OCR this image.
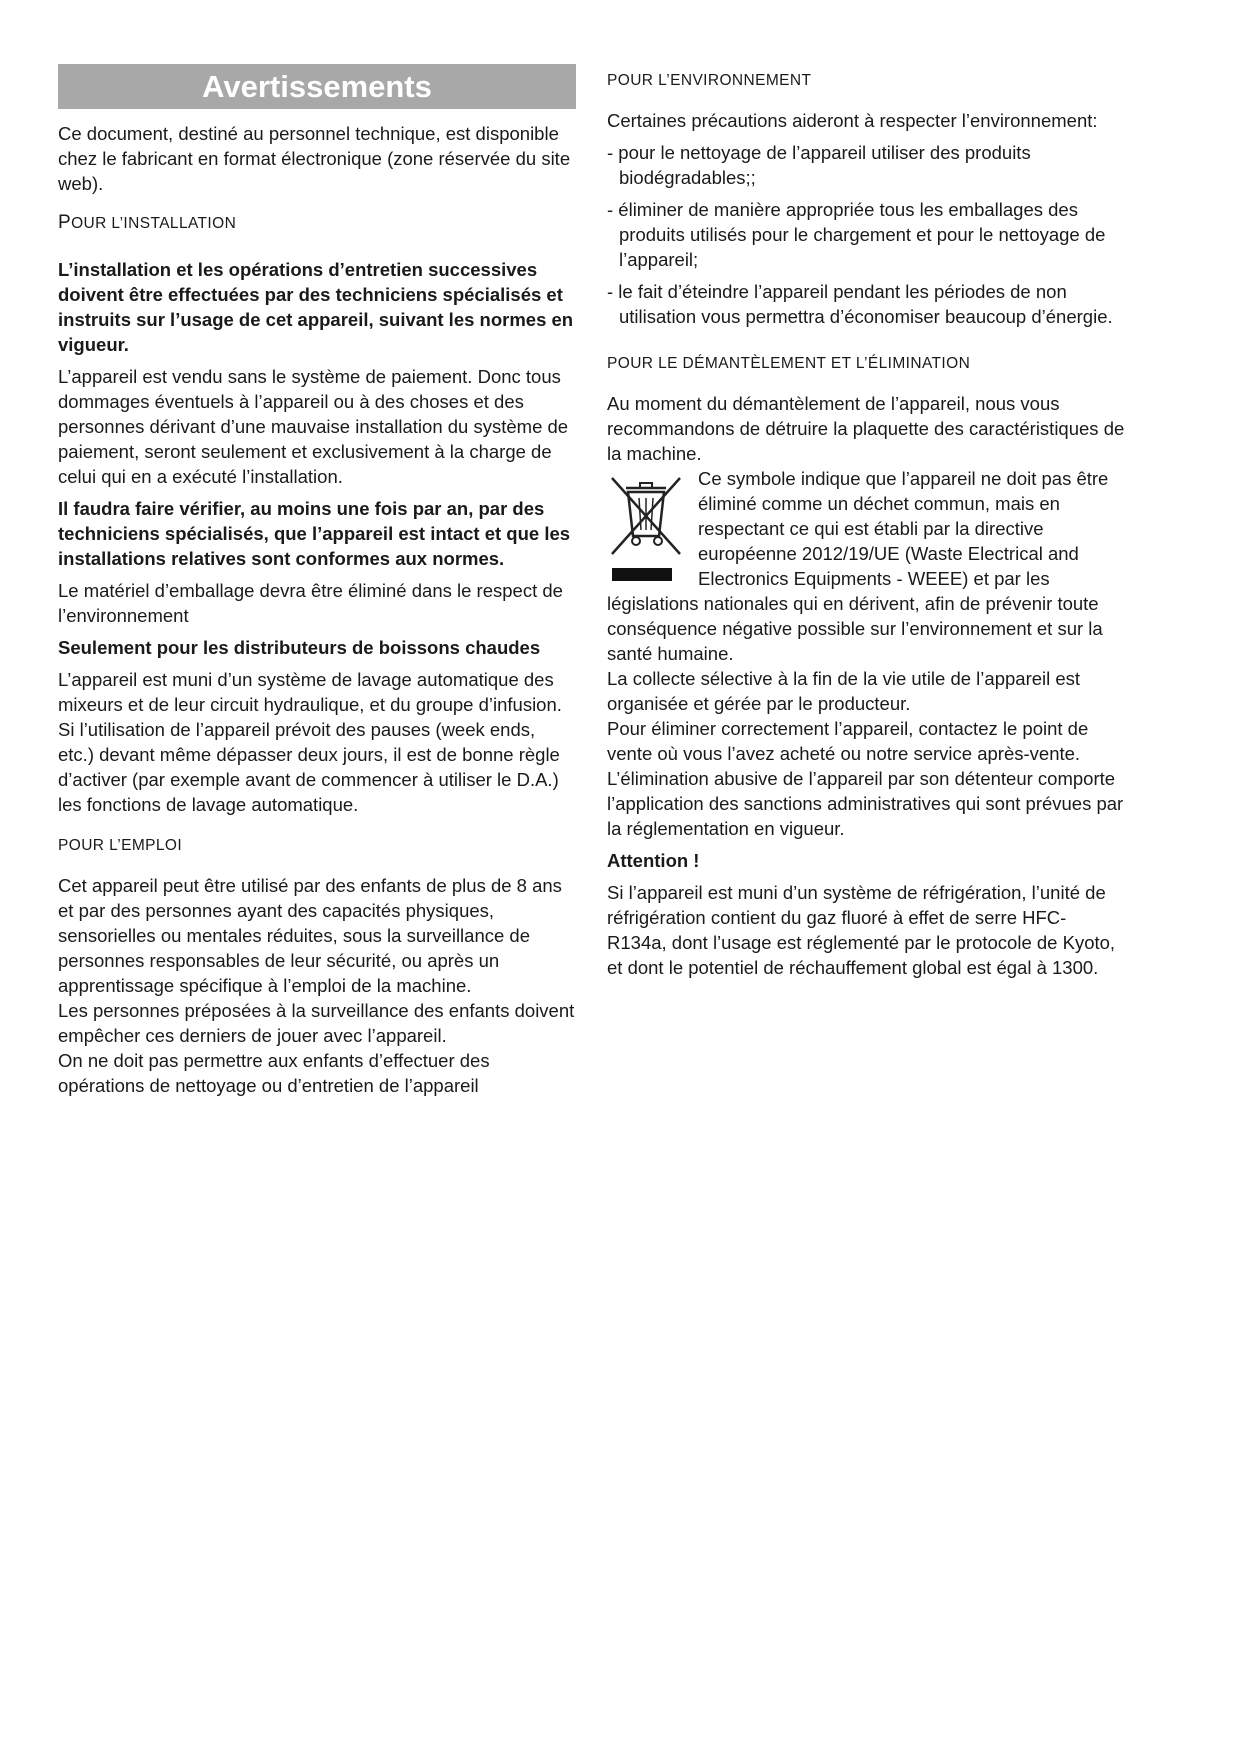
Avertissements

Ce document, destiné au personnel technique, est disponible chez le fabricant en format électronique (zone réservée du site web).

POUR L’INSTALLATION

L’installation et les opérations d’entretien successives doivent être effectuées par des techniciens spécialisés et instruits sur l’usage de cet appareil, suivant les normes en vigueur.

L’appareil est vendu sans le système de paiement. Donc tous dommages éventuels à l’appareil ou à des choses et des personnes dérivant d’une mauvaise installation du système de paiement, seront seulement et exclusivement à la charge de celui qui en a exécuté l’installation.

Il faudra faire vérifier, au moins une fois par an, par des techniciens spécialisés, que l’appareil est intact et que les installations relatives sont conformes aux normes.

Le matériel d’emballage devra être éliminé dans le respect de l’environnement

Seulement pour les distributeurs de boissons chaudes

L’appareil est muni d’un système de lavage automatique des mixeurs et de leur circuit hydraulique, et du groupe d’infusion.

Si l’utilisation de l’appareil prévoit des pauses (week ends, etc.) devant même dépasser deux jours, il est de bonne règle d’activer (par exemple avant de commencer à utiliser le D.A.) les fonctions de lavage automatique.

POUR L’EMPLOI

Cet appareil peut être utilisé par des enfants de plus de 8 ans et par des personnes ayant des capacités physiques, sensorielles ou mentales réduites, sous la surveillance de personnes responsables de leur sécurité, ou après un apprentissage spécifique à l’emploi de la machine.

Les personnes préposées à la surveillance des enfants doivent empêcher ces derniers de jouer avec l’appareil.

On ne doit pas permettre aux enfants d’effectuer des opérations de nettoyage ou d’entretien de l’appareil

POUR L’ENVIRONNEMENT

Certaines précautions aideront à respecter l’environnement:

- pour le nettoyage de l’appareil utiliser des produits biodégradables;;

- éliminer de manière appropriée tous les emballages des produits utilisés pour le chargement et pour le nettoyage de l’appareil;

- le fait d’éteindre l’appareil pendant les périodes de non utilisation vous permettra d’économiser beaucoup d’énergie.

POUR LE DÉMANTÈLEMENT ET L’ÉLIMINATION

Au moment du démantèlement de l’appareil, nous vous recommandons de détruire la plaquette des caractéristiques de la machine.

Ce symbole indique que l’appareil ne doit pas être éliminé comme un déchet commun, mais en respectant ce qui est établi par la directive européenne 2012/19/UE (Waste Electrical and Electronics Equipments - WEEE) et par les législations nationales qui en dérivent, afin de prévenir toute conséquence négative possible sur l’environnement et sur la santé humaine.

La collecte sélective à la fin de la vie utile de l’appareil est organisée et gérée par le producteur.

Pour éliminer correctement l’appareil, contactez le point de vente où vous l’avez acheté ou notre service après-vente.

L’élimination abusive de l’appareil par son détenteur comporte l’application des sanctions administratives qui sont prévues par la réglementation en vigueur.

Attention !

Si l’appareil est muni d’un système de réfrigération, l’unité de réfrigération contient du gaz fluoré à effet de serre HFC-R134a, dont l’usage est réglementé par le protocole de Kyoto, et dont le potentiel de réchauffement global est égal à 1300.
